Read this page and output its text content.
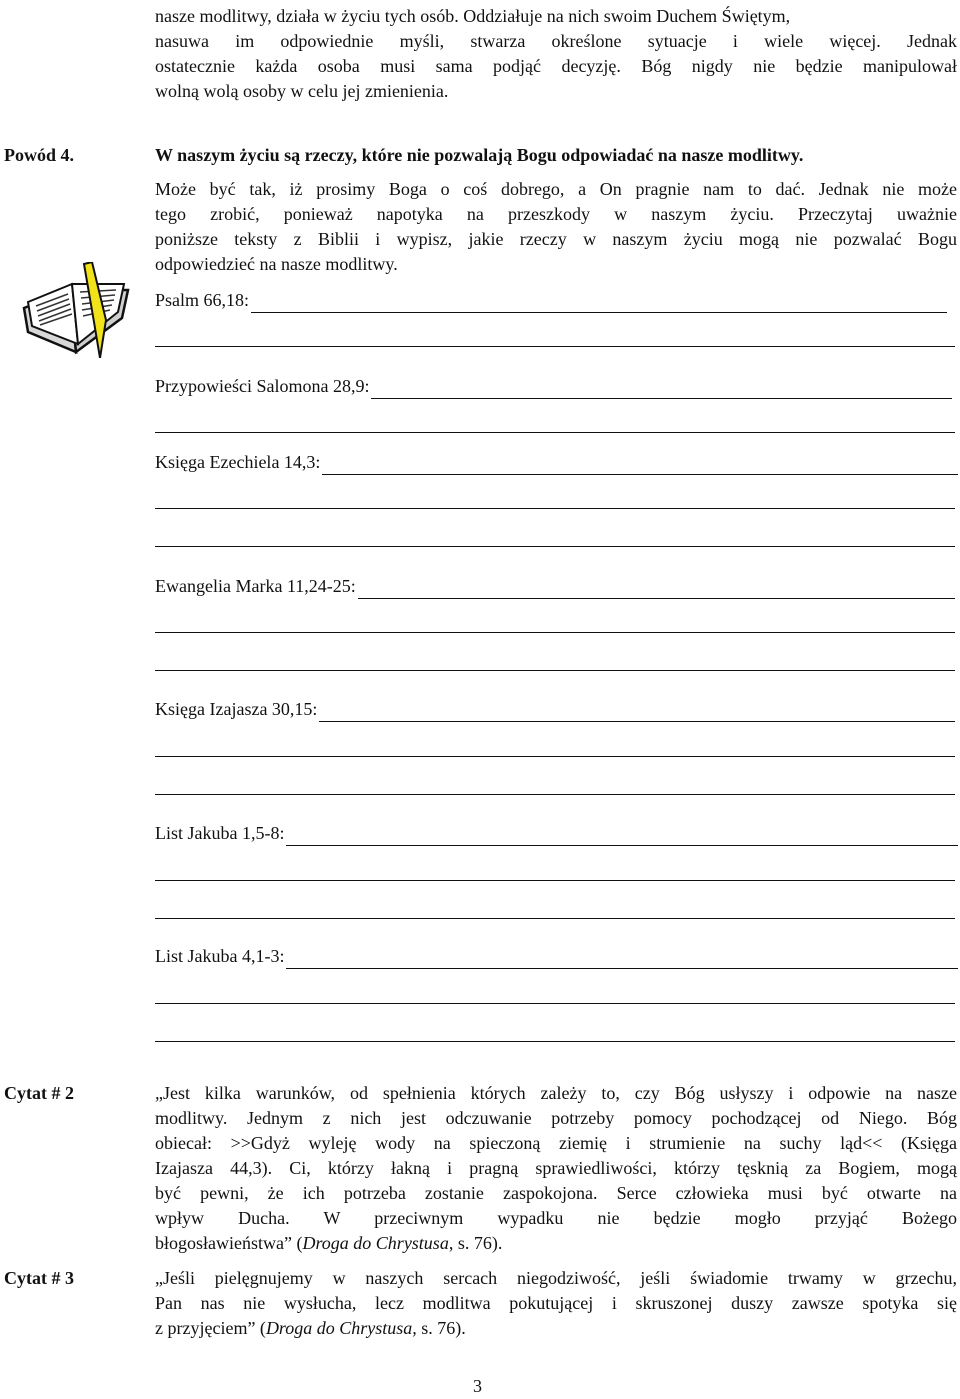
nasze modlitwy, działa w życiu tych osób. Oddziałuje na nich swoim Duchem Świętym,

nasuwa im odpowiednie myśli, stwarza określone sytuacje i wiele więcej. Jednak

ostatecznie każda osoba musi sama podjąć decyzję. Bóg nigdy nie będzie manipulował

wolną wolą osoby w celu jej zmienienia.

Powód 4.	W naszym życiu są rzeczy, które nie pozwalają Bogu odpowiadać na nasze modlitwy.

Może być tak, iż prosimy Boga o coś dobrego, a On pragnie nam to dać. Jednak nie może

tego zrobić, ponieważ napotyka na przeszkody w naszym życiu. Przeczytaj uważnie

poniższe teksty z Biblii i wypisz, jakie rzeczy w naszym życiu mogą nie pozwalać Bogu

odpowiedzieć na nasze modlitwy.

Psalm 66,18:
Przypowieści Salomona 28,9:
Księga Ezechiela 14,3:
Ewangelia Marka 11,24-25:
Księga Izajasza 30,15:
List Jakuba 1,5-8:
List Jakuba 4,1-3:

Cytat # 2	„Jest kilka warunków, od spełnienia których zależy to, czy Bóg usłyszy i odpowie na nasze

modlitwy. Jednym z nich jest odczuwanie potrzeby pomocy pochodzącej od Niego. Bóg

obiecał: >>Gdyż wyleję wody na spieczoną ziemię i strumienie na suchy ląd<< (Księga

Izajasza 44,3). Ci, którzy łakną i pragną sprawiedliwości, którzy tęsknią za Bogiem, mogą

być pewni, że ich potrzeba zostanie zaspokojona. Serce człowieka musi być otwarte na

wpływ Ducha. W przeciwnym wypadku nie będzie mogło przyjąć Bożego

błogosławieństwa” (Droga do Chrystusa, s. 76).

Cytat # 3	„Jeśli pielęgnujemy w naszych sercach niegodziwość, jeśli świadomie trwamy w grzechu,

Pan nas nie wysłucha, lecz modlitwa pokutującej i skruszonej duszy zawsze spotyka się

z przyjęciem” (Droga do Chrystusa, s. 76).

3
